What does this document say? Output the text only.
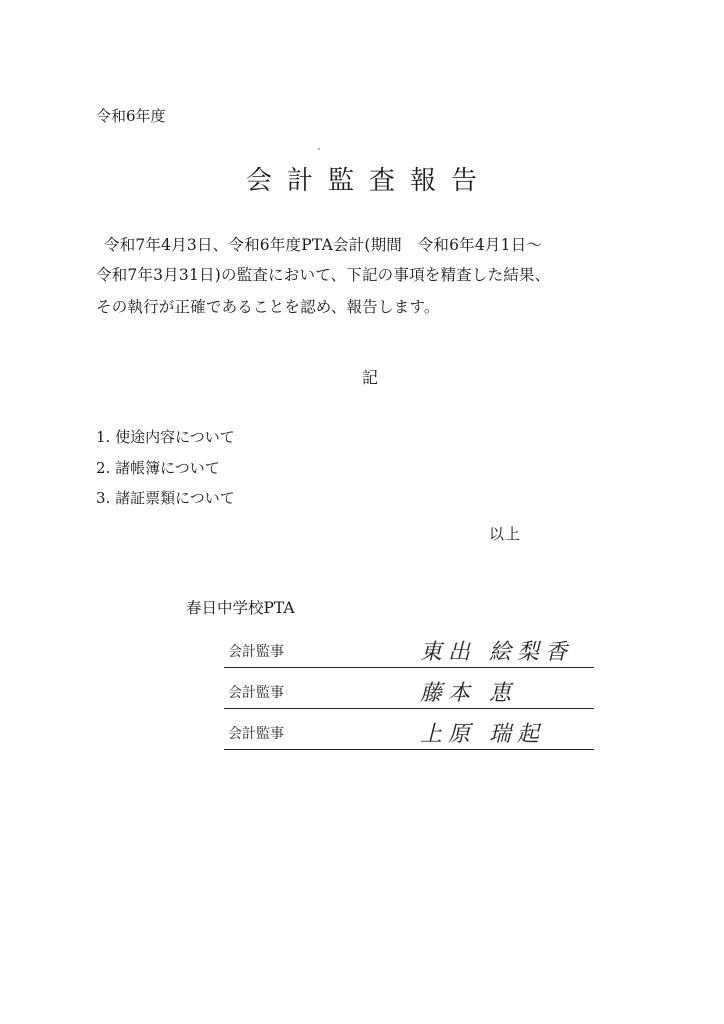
令和6年度
会計監査報告
令和7年4月3日、令和6年度PTA会計(期間　令和6年4月1日～
令和7年3月31日)の監査において、下記の事項を精査した結果、
その執行が正確であることを認め、報告します。
記
1. 使途内容について
2. 諸帳簿について
3. 諸証票類について
以上
春日中学校PTA
会計監事	東出 絵梨香
会計監事	藤本 恵
会計監事	上原 瑞起
